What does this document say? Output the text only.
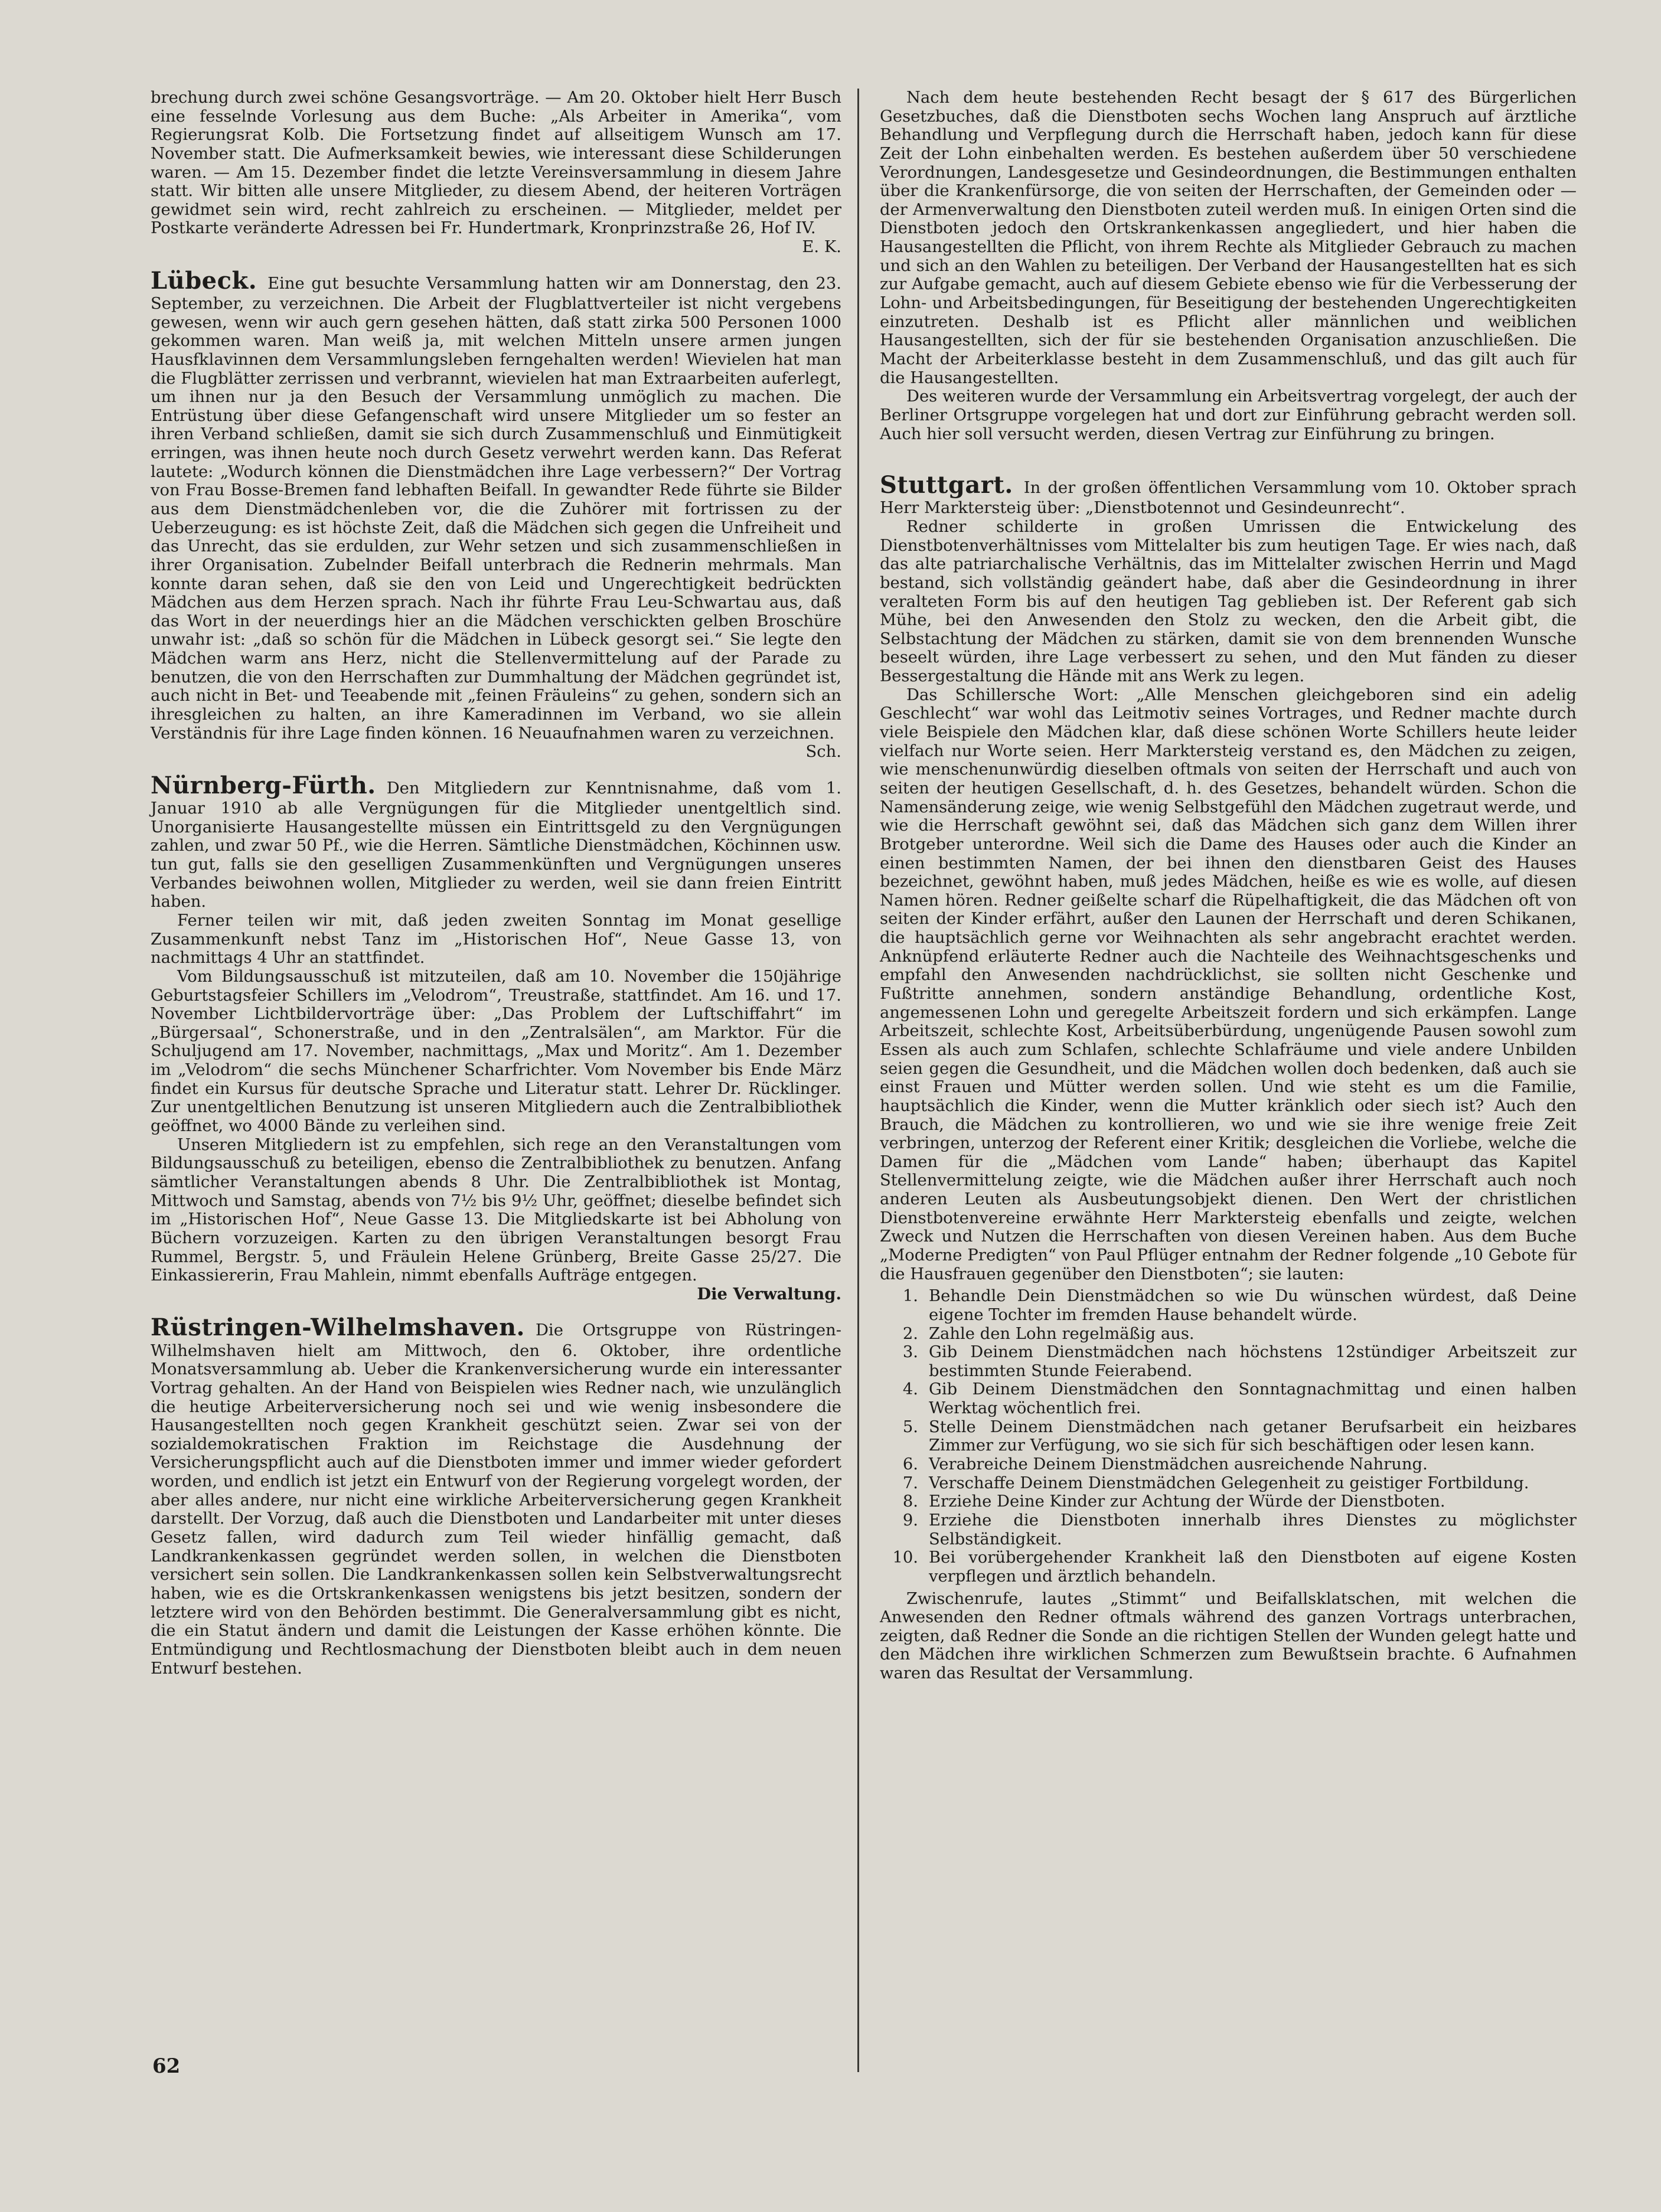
brechung durch zwei schöne Gesangsvorträge. — Am 20. Oktober hielt Herr Busch eine fesselnde Vorlesung aus dem Buche: „Als Arbeiter in Amerika“, vom Regierungsrat Kolb. Die Fortsetzung findet auf allseitigem Wunsch am 17. November statt. Die Aufmerksamkeit bewies, wie interessant diese Schilderungen waren. — Am 15. Dezember findet die letzte Vereinsversammlung in diesem Jahre statt. Wir bitten alle unsere Mitglieder, zu diesem Abend, der heiteren Vorträgen gewidmet sein wird, recht zahlreich zu erscheinen. — Mitglieder, meldet per Postkarte veränderte Adressen bei Fr. Hundertmark, Kronprinzstraße 26, Hof IV.

E. K.

Lübeck. Eine gut besuchte Versammlung hatten wir am Donnerstag, den 23. September, zu verzeichnen. Die Arbeit der Flugblattverteiler ist nicht vergebens gewesen, wenn wir auch gern gesehen hätten, daß statt zirka 500 Personen 1000 gekommen waren. Man weiß ja, mit welchen Mitteln unsere armen jungen Hausfklavinnen dem Versammlungsleben ferngehalten werden! Wievielen hat man die Flugblätter zerrissen und verbrannt, wievielen hat man Extraarbeiten auferlegt, um ihnen nur ja den Besuch der Versammlung unmöglich zu machen. Die Entrüstung über diese Gefangenschaft wird unsere Mitglieder um so fester an ihren Verband schließen, damit sie sich durch Zusammenschluß und Einmütigkeit erringen, was ihnen heute noch durch Gesetz verwehrt werden kann. Das Referat lautete: „Wodurch können die Dienstmädchen ihre Lage verbessern?“ Der Vortrag von Frau Bosse-Bremen fand lebhaften Beifall. In gewandter Rede führte sie Bilder aus dem Dienstmädchenleben vor, die die Zuhörer mit fortrissen zu der Ueberzeugung: es ist höchste Zeit, daß die Mädchen sich gegen die Unfreiheit und das Unrecht, das sie erdulden, zur Wehr setzen und sich zusammenschließen in ihrer Organisation. Zubelnder Beifall unterbrach die Rednerin mehrmals. Man konnte daran sehen, daß sie den von Leid und Ungerechtigkeit bedrückten Mädchen aus dem Herzen sprach. Nach ihr führte Frau Leu-Schwartau aus, daß das Wort in der neuerdings hier an die Mädchen verschickten gelben Broschüre unwahr ist: „daß so schön für die Mädchen in Lübeck gesorgt sei.“ Sie legte den Mädchen warm ans Herz, nicht die Stellenvermittelung auf der Parade zu benutzen, die von den Herrschaften zur Dummhaltung der Mädchen gegründet ist, auch nicht in Bet- und Teeabende mit „feinen Fräuleins“ zu gehen, sondern sich an ihresgleichen zu halten, an ihre Kameradinnen im Verband, wo sie allein Verständnis für ihre Lage finden können. 16 Neuaufnahmen waren zu verzeichnen.

Sch.

Nürnberg-Fürth. Den Mitgliedern zur Kenntnisnahme, daß vom 1. Januar 1910 ab alle Vergnügungen für die Mitglieder unentgeltlich sind. Unorganisierte Hausangestellte müssen ein Eintrittsgeld zu den Vergnügungen zahlen, und zwar 50 Pf., wie die Herren. Sämtliche Dienstmädchen, Köchinnen usw. tun gut, falls sie den geselligen Zusammenkünften und Vergnügungen unseres Verbandes beiwohnen wollen, Mitglieder zu werden, weil sie dann freien Eintritt haben.

Ferner teilen wir mit, daß jeden zweiten Sonntag im Monat gesellige Zusammenkunft nebst Tanz im „Historischen Hof“, Neue Gasse 13, von nachmittags 4 Uhr an stattfindet.

Vom Bildungsausschuß ist mitzuteilen, daß am 10. November die 150jährige Geburtstagsfeier Schillers im „Velodrom“, Treustraße, stattfindet. Am 16. und 17. November Lichtbildervorträge über: „Das Problem der Luftschiffahrt“ im „Bürgersaal“, Schonerstraße, und in den „Zentralsälen“, am Marktor. Für die Schuljugend am 17. November, nachmittags, „Max und Moritz“. Am 1. Dezember im „Velodrom“ die sechs Münchener Scharfrichter. Vom November bis Ende März findet ein Kursus für deutsche Sprache und Literatur statt. Lehrer Dr. Rücklinger. Zur unentgeltlichen Benutzung ist unseren Mitgliedern auch die Zentralbibliothek geöffnet, wo 4000 Bände zu verleihen sind.

Unseren Mitgliedern ist zu empfehlen, sich rege an den Veranstaltungen vom Bildungsausschuß zu beteiligen, ebenso die Zentralbibliothek zu benutzen. Anfang sämtlicher Veranstaltungen abends 8 Uhr. Die Zentralbibliothek ist Montag, Mittwoch und Samstag, abends von 7½ bis 9½ Uhr, geöffnet; dieselbe befindet sich im „Historischen Hof“, Neue Gasse 13. Die Mitgliedskarte ist bei Abholung von Büchern vorzuzeigen. Karten zu den übrigen Veranstaltungen besorgt Frau Rummel, Bergstr. 5, und Fräulein Helene Grünberg, Breite Gasse 25/27. Die Einkassiererin, Frau Mahlein, nimmt ebenfalls Aufträge entgegen.

Die Verwaltung.

Rüstringen-Wilhelmshaven. Die Ortsgruppe von Rüstringen-Wilhelmshaven hielt am Mittwoch, den 6. Oktober, ihre ordentliche Monatsversammlung ab. Ueber die Krankenversicherung wurde ein interessanter Vortrag gehalten. An der Hand von Beispielen wies Redner nach, wie unzulänglich die heutige Arbeiterversicherung noch sei und wie wenig insbesondere die Hausangestellten noch gegen Krankheit geschützt seien. Zwar sei von der sozialdemokratischen Fraktion im Reichstage die Ausdehnung der Versicherungspflicht auch auf die Dienstboten immer und immer wieder gefordert worden, und endlich ist jetzt ein Entwurf von der Regierung vorgelegt worden, der aber alles andere, nur nicht eine wirkliche Arbeiterversicherung gegen Krankheit darstellt. Der Vorzug, daß auch die Dienstboten und Landarbeiter mit unter dieses Gesetz fallen, wird dadurch zum Teil wieder hinfällig gemacht, daß Landkrankenkassen gegründet werden sollen, in welchen die Dienstboten versichert sein sollen. Die Landkrankenkassen sollen kein Selbstverwaltungsrecht haben, wie es die Ortskrankenkassen wenigstens bis jetzt besitzen, sondern der letztere wird von den Behörden bestimmt. Die Generalversammlung gibt es nicht, die ein Statut ändern und damit die Leistungen der Kasse erhöhen könnte. Die Entmündigung und Rechtlosmachung der Dienstboten bleibt auch in dem neuen Entwurf bestehen.

Nach dem heute bestehenden Recht besagt der § 617 des Bürgerlichen Gesetzbuches, daß die Dienstboten sechs Wochen lang Anspruch auf ärztliche Behandlung und Verpflegung durch die Herrschaft haben, jedoch kann für diese Zeit der Lohn einbehalten werden. Es bestehen außerdem über 50 verschiedene Verordnungen, Landesgesetze und Gesindeordnungen, die Bestimmungen enthalten über die Krankenfürsorge, die von seiten der Herrschaften, der Gemeinden oder — der Armenverwaltung den Dienstboten zuteil werden muß. In einigen Orten sind die Dienstboten jedoch den Ortskrankenkassen angegliedert, und hier haben die Hausangestellten die Pflicht, von ihrem Rechte als Mitglieder Gebrauch zu machen und sich an den Wahlen zu beteiligen. Der Verband der Hausangestellten hat es sich zur Aufgabe gemacht, auch auf diesem Gebiete ebenso wie für die Verbesserung der Lohn- und Arbeitsbedingungen, für Beseitigung der bestehenden Ungerechtigkeiten einzutreten. Deshalb ist es Pflicht aller männlichen und weiblichen Hausangestellten, sich der für sie bestehenden Organisation anzuschließen. Die Macht der Arbeiterklasse besteht in dem Zusammenschluß, und das gilt auch für die Hausangestellten.

Des weiteren wurde der Versammlung ein Arbeitsvertrag vorgelegt, der auch der Berliner Ortsgruppe vorgelegen hat und dort zur Einführung gebracht werden soll. Auch hier soll versucht werden, diesen Vertrag zur Einführung zu bringen.

Stuttgart. In der großen öffentlichen Versammlung vom 10. Oktober sprach Herr Marktersteig über: „Dienstbotennot und Gesindeunrecht“.

Redner schilderte in großen Umrissen die Entwickelung des Dienstbotenverhältnisses vom Mittelalter bis zum heutigen Tage. Er wies nach, daß das alte patriarchalische Verhältnis, das im Mittelalter zwischen Herrin und Magd bestand, sich vollständig geändert habe, daß aber die Gesindeordnung in ihrer veralteten Form bis auf den heutigen Tag geblieben ist. Der Referent gab sich Mühe, bei den Anwesenden den Stolz zu wecken, den die Arbeit gibt, die Selbstachtung der Mädchen zu stärken, damit sie von dem brennenden Wunsche beseelt würden, ihre Lage verbessert zu sehen, und den Mut fänden zu dieser Bessergestaltung die Hände mit ans Werk zu legen.

Das Schillersche Wort: „Alle Menschen gleichgeboren sind ein adelig Geschlecht“ war wohl das Leitmotiv seines Vortrages, und Redner machte durch viele Beispiele den Mädchen klar, daß diese schönen Worte Schillers heute leider vielfach nur Worte seien. Herr Marktersteig verstand es, den Mädchen zu zeigen, wie menschenunwürdig dieselben oftmals von seiten der Herrschaft und auch von seiten der heutigen Gesellschaft, d. h. des Gesetzes, behandelt würden. Schon die Namensänderung zeige, wie wenig Selbstgefühl den Mädchen zugetraut werde, und wie die Herrschaft gewöhnt sei, daß das Mädchen sich ganz dem Willen ihrer Brotgeber unterordne. Weil sich die Dame des Hauses oder auch die Kinder an einen bestimmten Namen, der bei ihnen den dienstbaren Geist des Hauses bezeichnet, gewöhnt haben, muß jedes Mädchen, heiße es wie es wolle, auf diesen Namen hören. Redner geißelte scharf die Rüpelhaftigkeit, die das Mädchen oft von seiten der Kinder erfährt, außer den Launen der Herrschaft und deren Schikanen, die hauptsächlich gerne vor Weihnachten als sehr angebracht erachtet werden. Anknüpfend erläuterte Redner auch die Nachteile des Weihnachtsgeschenks und empfahl den Anwesenden nachdrücklichst, sie sollten nicht Geschenke und Fußtritte annehmen, sondern anständige Behandlung, ordentliche Kost, angemessenen Lohn und geregelte Arbeitszeit fordern und sich erkämpfen. Lange Arbeitszeit, schlechte Kost, Arbeitsüberbürdung, ungenügende Pausen sowohl zum Essen als auch zum Schlafen, schlechte Schlafräume und viele andere Unbilden seien gegen die Gesundheit, und die Mädchen wollen doch bedenken, daß auch sie einst Frauen und Mütter werden sollen. Und wie steht es um die Familie, hauptsächlich die Kinder, wenn die Mutter kränklich oder siech ist? Auch den Brauch, die Mädchen zu kontrollieren, wo und wie sie ihre wenige freie Zeit verbringen, unterzog der Referent einer Kritik; desgleichen die Vorliebe, welche die Damen für die „Mädchen vom Lande“ haben; überhaupt das Kapitel Stellenvermittelung zeigte, wie die Mädchen außer ihrer Herrschaft auch noch anderen Leuten als Ausbeutungsobjekt dienen. Den Wert der christlichen Dienstbotenvereine erwähnte Herr Marktersteig ebenfalls und zeigte, welchen Zweck und Nutzen die Herrschaften von diesen Vereinen haben. Aus dem Buche „Moderne Predigten“ von Paul Pflüger entnahm der Redner folgende „10 Gebote für die Hausfrauen gegenüber den Dienstboten“; sie lauten:

1. Behandle Dein Dienstmädchen so wie Du wünschen würdest, daß Deine eigene Tochter im fremden Hause behandelt würde.
2. Zahle den Lohn regelmäßig aus.
3. Gib Deinem Dienstmädchen nach höchstens 12stündiger Arbeitszeit zur bestimmten Stunde Feierabend.
4. Gib Deinem Dienstmädchen den Sonntagnachmittag und einen halben Werktag wöchentlich frei.
5. Stelle Deinem Dienstmädchen nach getaner Berufsarbeit ein heizbares Zimmer zur Verfügung, wo sie sich für sich beschäftigen oder lesen kann.
6. Verabreiche Deinem Dienstmädchen ausreichende Nahrung.
7. Verschaffe Deinem Dienstmädchen Gelegenheit zu geistiger Fortbildung.
8. Erziehe Deine Kinder zur Achtung der Würde der Dienstboten.
9. Erziehe die Dienstboten innerhalb ihres Dienstes zu möglichster Selbständigkeit.
10. Bei vorübergehender Krankheit laß den Dienstboten auf eigene Kosten verpflegen und ärztlich behandeln.

Zwischenrufe, lautes „Stimmt“ und Beifallsklatschen, mit welchen die Anwesenden den Redner oftmals während des ganzen Vortrags unterbrachen, zeigten, daß Redner die Sonde an die richtigen Stellen der Wunden gelegt hatte und den Mädchen ihre wirklichen Schmerzen zum Bewußtsein brachte. 6 Aufnahmen waren das Resultat der Versammlung.

62
